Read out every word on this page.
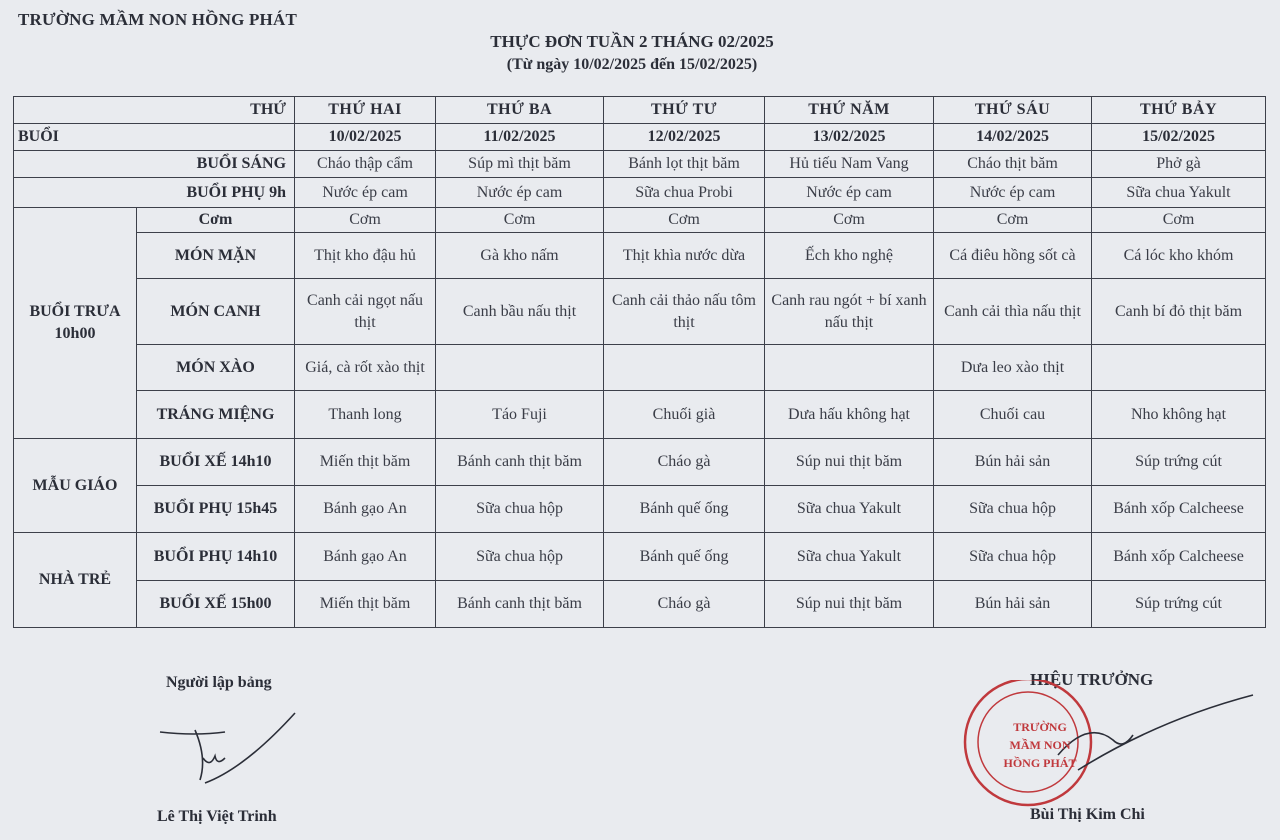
TRƯỜNG MẦM NON HỒNG PHÁT
THỰC ĐƠN TUẦN 2 THÁNG 02/2025
(Từ ngày 10/02/2025 đến 15/02/2025)
THỨ		THỨ HAI	THỨ BA	THỨ TƯ	THỨ NĂM	THỨ SÁU	THỨ BẢY
BUỔI		10/02/2025	11/02/2025	12/02/2025	13/02/2025	14/02/2025	15/02/2025
BUỔI SÁNG		Cháo thập cẩm	Súp mì thịt băm	Bánh lọt thịt băm	Hủ tiếu Nam Vang	Cháo thịt băm	Phở gà
BUỔI PHỤ 9h		Nước ép cam	Nước ép cam	Sữa chua Probi	Nước ép cam	Nước ép cam	Sữa chua Yakult
BUỔI TRƯA 10h00	Cơm	Cơm	Cơm	Cơm	Cơm	Cơm	Cơm
	MÓN MẶN	Thịt kho đậu hủ	Gà kho nấm	Thịt khìa nước dừa	Ếch kho nghệ	Cá điêu hồng sốt cà	Cá lóc kho khóm
	MÓN CANH	Canh cải ngọt nấu thịt	Canh bầu nấu thịt	Canh cải thảo nấu tôm thịt	Canh rau ngót + bí xanh nấu thịt	Canh cải thìa nấu thịt	Canh bí đỏ thịt băm
	MÓN XÀO	Giá, cà rốt xào thịt				Dưa leo xào thịt	
	TRÁNG MIỆNG	Thanh long	Táo Fuji	Chuối già	Dưa hấu không hạt	Chuối cau	Nho không hạt
MẪU GIÁO	BUỔI XẾ 14h10	Miến thịt băm	Bánh canh thịt băm	Cháo gà	Súp nui thịt băm	Bún hải sản	Súp trứng cút
	BUỔI PHỤ 15h45	Bánh gạo An	Sữa chua hộp	Bánh quế ống	Sữa chua Yakult	Sữa chua hộp	Bánh xốp Calcheese
NHÀ TRẺ	BUỔI PHỤ 14h10	Bánh gạo An	Sữa chua hộp	Bánh quế ống	Sữa chua Yakult	Sữa chua hộp	Bánh xốp Calcheese
	BUỔI XẾ 15h00	Miến thịt băm	Bánh canh thịt băm	Cháo gà	Súp nui thịt băm	Bún hải sản	Súp trứng cút
Người lập bảng
Lê Thị Việt Trinh
HIỆU TRƯỞNG
TRƯỜNG
MẦM NON
HỒNG PHÁT
Bùi Thị Kim Chi
